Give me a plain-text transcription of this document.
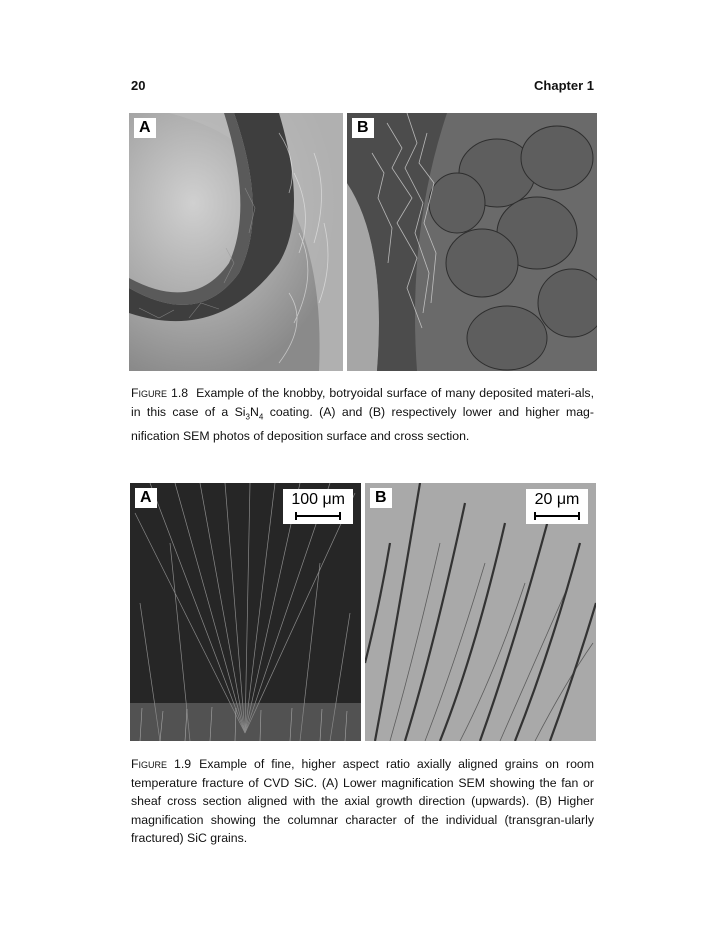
20	Chapter 1
A	B

Figure 1.8 Example of the knobby, botryoidal surface of many deposited materi-als, in this case of a $Si_3N_4$ coating. (A) and (B) respectively lower and higher mag-nification SEM photos of deposition surface and cross section.

A	100 μm	B	20 μm

Figure 1.9 Example of fine, higher aspect ratio axially aligned grains on room temperature fracture of CVD SiC. (A) Lower magnification SEM showing the fan or sheaf cross section aligned with the axial growth direction (upwards). (B) Higher magnification showing the columnar character of the individual (transgran-ularly fractured) SiC grains.
